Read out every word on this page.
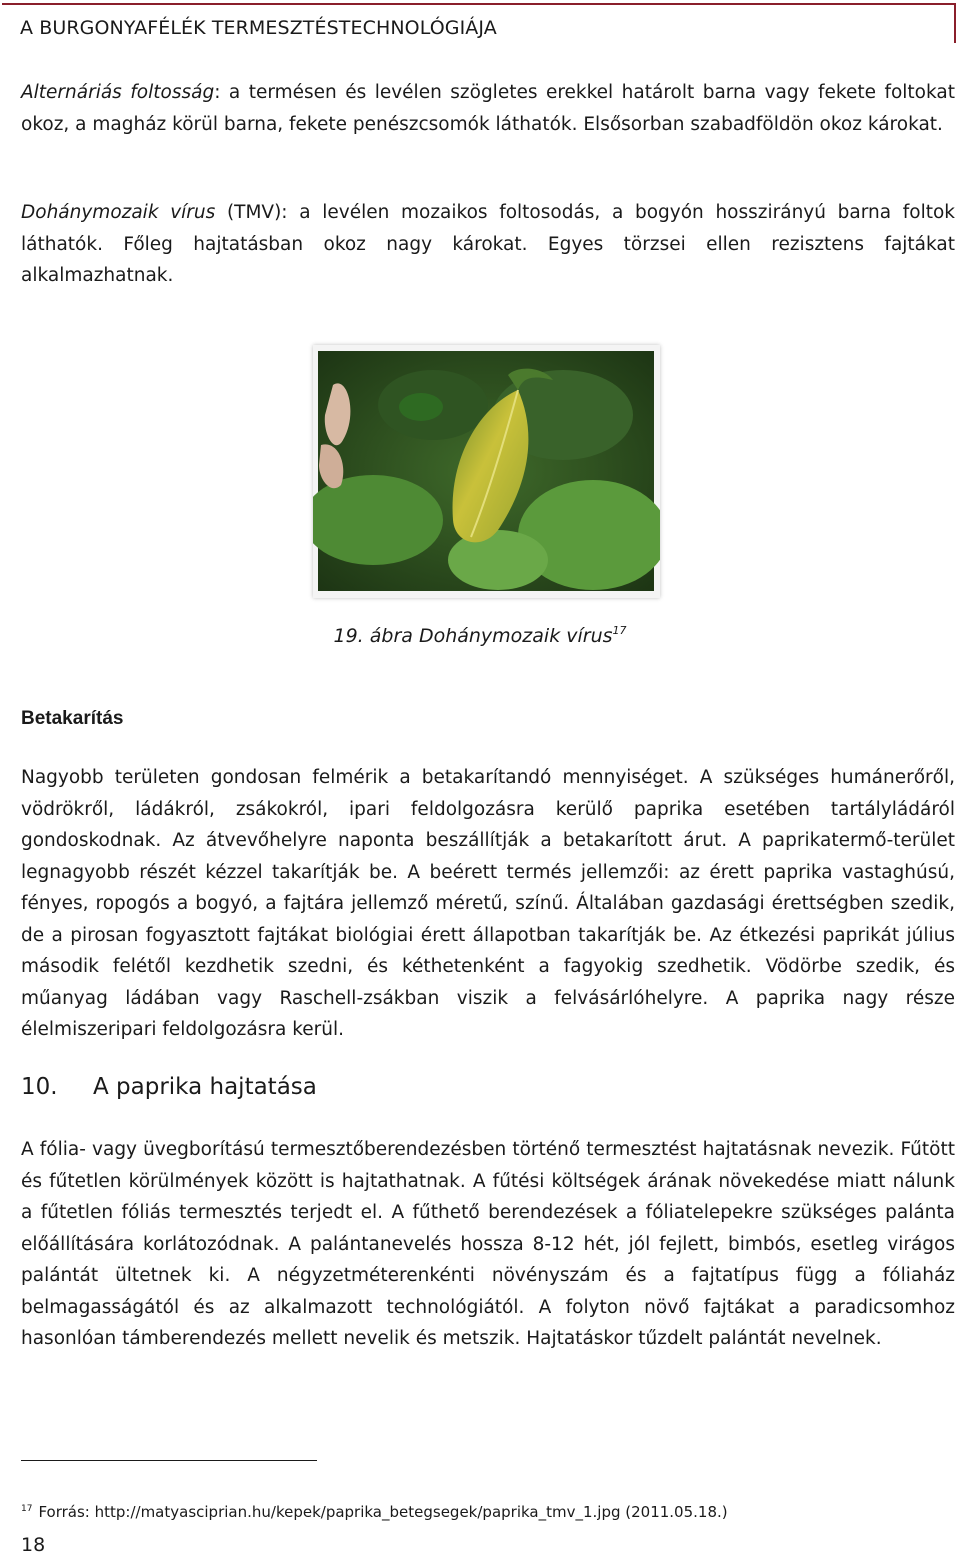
A BURGONYAFÉLÉK TERMESZTÉSTECHNOLÓGIÁJA

Alternáriás foltosság: a termésen és levélen szögletes erekkel határolt barna vagy fekete foltokat okoz, a magház körül barna, fekete penészcsomók láthatók. Elsősorban szabadföldön okoz károkat.

Dohánymozaik vírus (TMV): a levélen mozaikos foltosodás, a bogyón hosszirányú barna foltok láthatók. Főleg hajtatásban okoz nagy károkat. Egyes törzsei ellen rezisztens fajtákat alkalmazhatnak.

19. ábra Dohánymozaik vírus$^{17}$
Betakarítás

Nagyobb területen gondosan felmérik a betakarítandó mennyiséget. A szükséges humánerőről, vödrökről, ládákról, zsákokról, ipari feldolgozásra kerülő paprika esetében tartályládáról gondoskodnak. Az átvevőhelyre naponta beszállítják a betakarított árut. A paprikatermő-terület legnagyobb részét kézzel takarítják be. A beérett termés jellemzői: az érett paprika vastaghúsú, fényes, ropogós a bogyó, a fajtára jellemző méretű, színű. Általában gazdasági érettségben szedik, de a pirosan fogyasztott fajtákat biológiai érett állapotban takarítják be. Az étkezési paprikát július második felétől kezdhetik szedni, és kéthetenként a fagyokig szedhetik. Vödörbe szedik, és műanyag ládában vagy Raschell-zsákban viszik a felvásárlóhelyre. A paprika nagy része élelmiszeripari feldolgozásra kerül.

10. A paprika hajtatása

A fólia- vagy üvegborítású termesztőberendezésben történő termesztést hajtatásnak nevezik. Fűtött és fűtetlen körülmények között is hajtathatnak. A fűtési költségek árának növekedése miatt nálunk a fűtetlen fóliás termesztés terjedt el. A fűthető berendezések a fóliatelepekre szükséges palánta előállítására korlátozódnak. A palántanevelés hossza 8-12 hét, jól fejlett, bimbós, esetleg virágos palántát ültetnek ki. A négyzetméterenkénti növényszám és a fajtatípus függ a fóliaház belmagasságától és az alkalmazott technológiától. A folyton növő fajtákat a paradicsomhoz hasonlóan támberendezés mellett nevelik és metszik. Hajtatáskor tűzdelt palántát nevelnek.

$^{17}$ Forrás: http://matyasciprian.hu/kepek/paprika_betegsegek/paprika_tmv_1.jpg (2011.05.18.)
18
